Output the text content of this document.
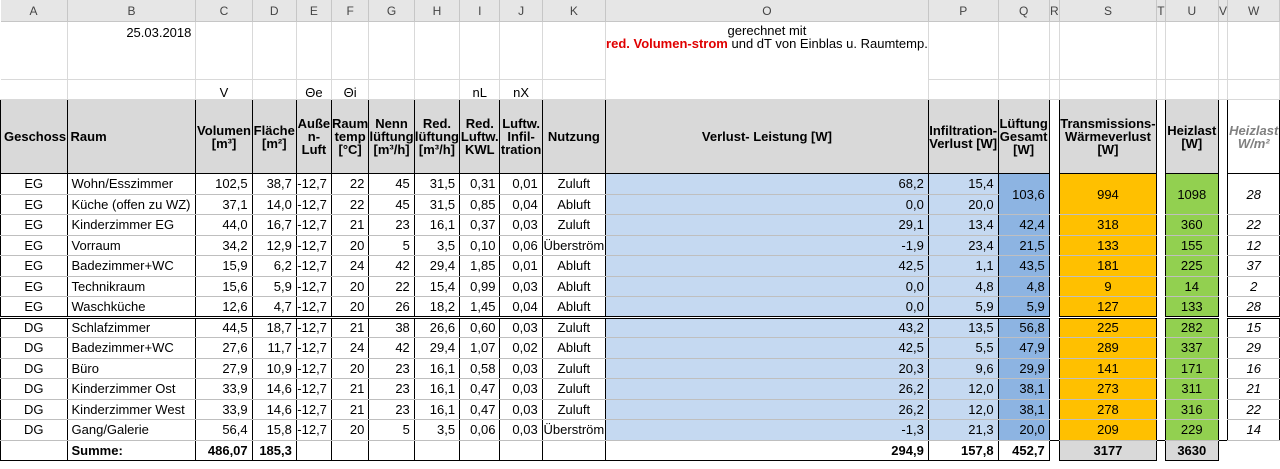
A	B	C	D	E	F	G	H	I	J	K	O	P	Q	R	S	T	U	V	W
	25.03.2018										gerechnet mit
red. Volumen-strom und dT von Einblas u. Raumtemp.								
		V		Θe	Θi			nL	nX										
Geschoss	Raum	Volumen [m³]	Fläche [m²]	Auße n- Luft	Raum temp [°C]	Nenn lüftung [m³/h]	Red. lüftung [m³/h]	Red. Luftw. KWL	Luftw. Infil- tration	Nutzung	Verlust- Leistung [W]	Infiltration- Verlust [W]	Lüftung Gesamt [W]		Transmissions- Wärmeverlust [W]		Heizlast [W]		Heizlast W/m²
EG	Wohn/Esszimmer	102,5	38,7	-12,7	22	45	31,5	0,31	0,01	Zuluft	68,2	15,4	103,6		994		1098		28
EG	Küche (offen zu WZ)	37,1	14,0	-12,7	22	45	31,5	0,85	0,04	Abluft	0,0	20,0							
EG	Kinderzimmer EG	44,0	16,7	-12,7	21	23	16,1	0,37	0,03	Zuluft	29,1	13,4	42,4		318		360		22
EG	Vorraum	34,2	12,9	-12,7	20	5	3,5	0,10	0,06	Überström	-1,9	23,4	21,5		133		155		12
EG	Badezimmer+WC	15,9	6,2	-12,7	24	42	29,4	1,85	0,01	Abluft	42,5	1,1	43,5		181		225		37
EG	Technikraum	15,6	5,9	-12,7	20	22	15,4	0,99	0,03	Abluft	0,0	4,8	4,8		9		14		2
EG	Waschküche	12,6	4,7	-12,7	20	26	18,2	1,45	0,04	Abluft	0,0	5,9	5,9		127		133		28
DG	Schlafzimmer	44,5	18,7	-12,7	21	38	26,6	0,60	0,03	Zuluft	43,2	13,5	56,8		225		282		15
DG	Badezimmer+WC	27,6	11,7	-12,7	24	42	29,4	1,07	0,02	Abluft	42,5	5,5	47,9		289		337		29
DG	Büro	27,9	10,9	-12,7	20	23	16,1	0,58	0,03	Zuluft	20,3	9,6	29,9		141		171		16
DG	Kinderzimmer Ost	33,9	14,6	-12,7	21	23	16,1	0,47	0,03	Zuluft	26,2	12,0	38,1		273		311		21
DG	Kinderzimmer West	33,9	14,6	-12,7	21	23	16,1	0,47	0,03	Zuluft	26,2	12,0	38,1		278		316		22
DG	Gang/Galerie	56,4	15,8	-12,7	20	5	3,5	0,06	0,03	Überström	-1,3	21,3	20,0		209		229		14
	Summe:	486,07	185,3								294,9	157,8	452,7		3177		3630		
